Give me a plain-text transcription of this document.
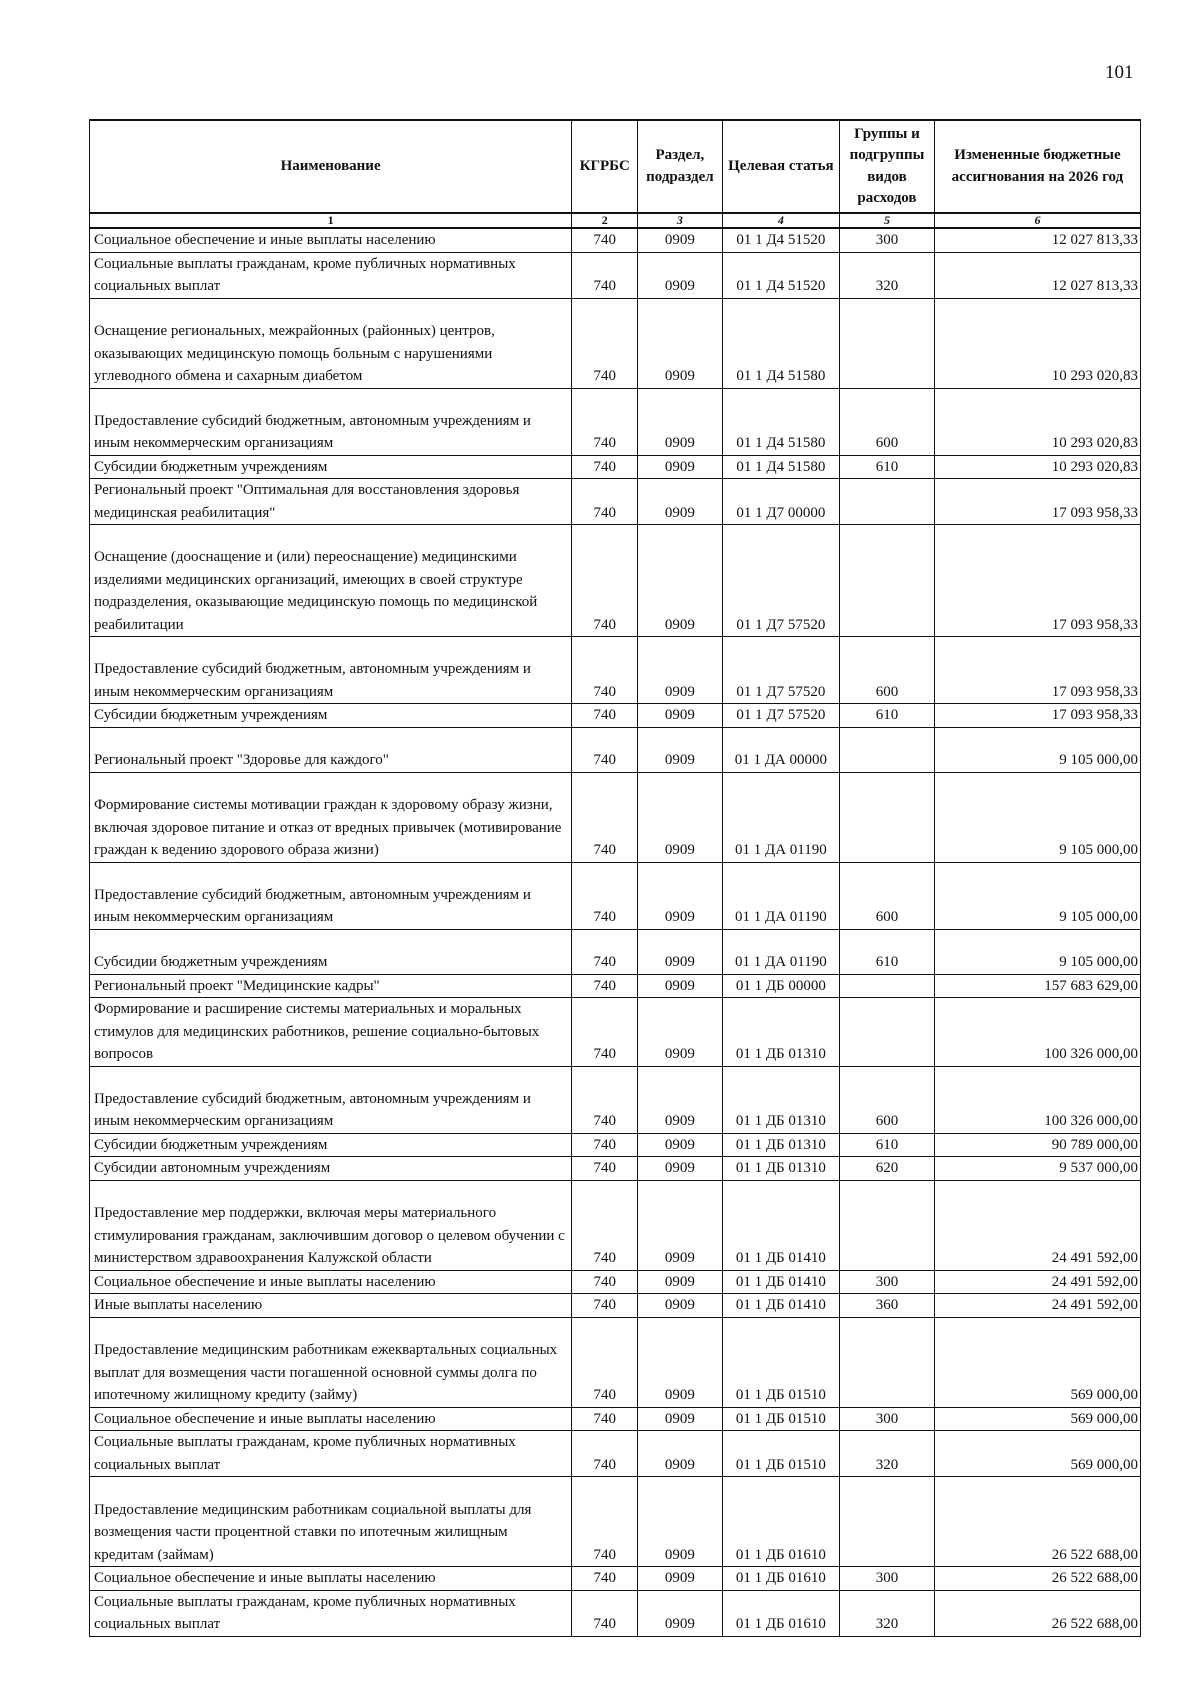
101
Наименование	КГРБС	Раздел, подраздел	Целевая статья	Группы и подгруппы видов расходов	Измененные бюджетные ассигнования на 2026 год
1	2	3	4	5	6
Социальное обеспечение и иные выплаты населению	740	0909	01 1 Д4 51520	300	12 027 813,33
Социальные выплаты гражданам, кроме публичных нормативных социальных выплат	740	0909	01 1 Д4 51520	320	12 027 813,33
Оснащение региональных, межрайонных (районных) центров, оказывающих медицинскую помощь больным с нарушениями углеводного обмена и сахарным диабетом	740	0909	01 1 Д4 51580		10 293 020,83
Предоставление субсидий бюджетным, автономным учреждениям и иным некоммерческим организациям	740	0909	01 1 Д4 51580	600	10 293 020,83
Субсидии бюджетным учреждениям	740	0909	01 1 Д4 51580	610	10 293 020,83
Региональный проект "Оптимальная для восстановления здоровья медицинская реабилитация"	740	0909	01 1 Д7 00000		17 093 958,33
Оснащение (дооснащение и (или) переоснащение) медицинскими изделиями медицинских организаций, имеющих в своей структуре подразделения, оказывающие медицинскую помощь по медицинской реабилитации	740	0909	01 1 Д7 57520		17 093 958,33
Предоставление субсидий бюджетным, автономным учреждениям и иным некоммерческим организациям	740	0909	01 1 Д7 57520	600	17 093 958,33
Субсидии бюджетным учреждениям	740	0909	01 1 Д7 57520	610	17 093 958,33
Региональный проект "Здоровье для каждого"	740	0909	01 1 ДА 00000		9 105 000,00
Формирование системы мотивации граждан к здоровому образу жизни, включая здоровое питание и отказ от вредных привычек (мотивирование граждан к ведению здорового образа жизни)	740	0909	01 1 ДА 01190		9 105 000,00
Предоставление субсидий бюджетным, автономным учреждениям и иным некоммерческим организациям	740	0909	01 1 ДА 01190	600	9 105 000,00
Субсидии бюджетным учреждениям	740	0909	01 1 ДА 01190	610	9 105 000,00
Региональный проект "Медицинские кадры"	740	0909	01 1 ДБ 00000		157 683 629,00
Формирование и расширение системы материальных и моральных стимулов для медицинских работников, решение социально-бытовых вопросов	740	0909	01 1 ДБ 01310		100 326 000,00
Предоставление субсидий бюджетным, автономным учреждениям и иным некоммерческим организациям	740	0909	01 1 ДБ 01310	600	100 326 000,00
Субсидии бюджетным учреждениям	740	0909	01 1 ДБ 01310	610	90 789 000,00
Субсидии автономным учреждениям	740	0909	01 1 ДБ 01310	620	9 537 000,00
Предоставление мер поддержки, включая меры материального стимулирования гражданам, заключившим договор о целевом обучении с министерством здравоохранения Калужской области	740	0909	01 1 ДБ 01410		24 491 592,00
Социальное обеспечение и иные выплаты населению	740	0909	01 1 ДБ 01410	300	24 491 592,00
Иные выплаты населению	740	0909	01 1 ДБ 01410	360	24 491 592,00
Предоставление медицинским работникам ежеквартальных социальных выплат для возмещения части погашенной основной суммы долга по ипотечному жилищному кредиту (займу)	740	0909	01 1 ДБ 01510		569 000,00
Социальное обеспечение и иные выплаты населению	740	0909	01 1 ДБ 01510	300	569 000,00
Социальные выплаты гражданам, кроме публичных нормативных социальных выплат	740	0909	01 1 ДБ 01510	320	569 000,00
Предоставление медицинским работникам социальной выплаты для возмещения части процентной ставки по ипотечным жилищным кредитам (займам)	740	0909	01 1 ДБ 01610		26 522 688,00
Социальное обеспечение и иные выплаты населению	740	0909	01 1 ДБ 01610	300	26 522 688,00
Социальные выплаты гражданам, кроме публичных нормативных социальных выплат	740	0909	01 1 ДБ 01610	320	26 522 688,00
